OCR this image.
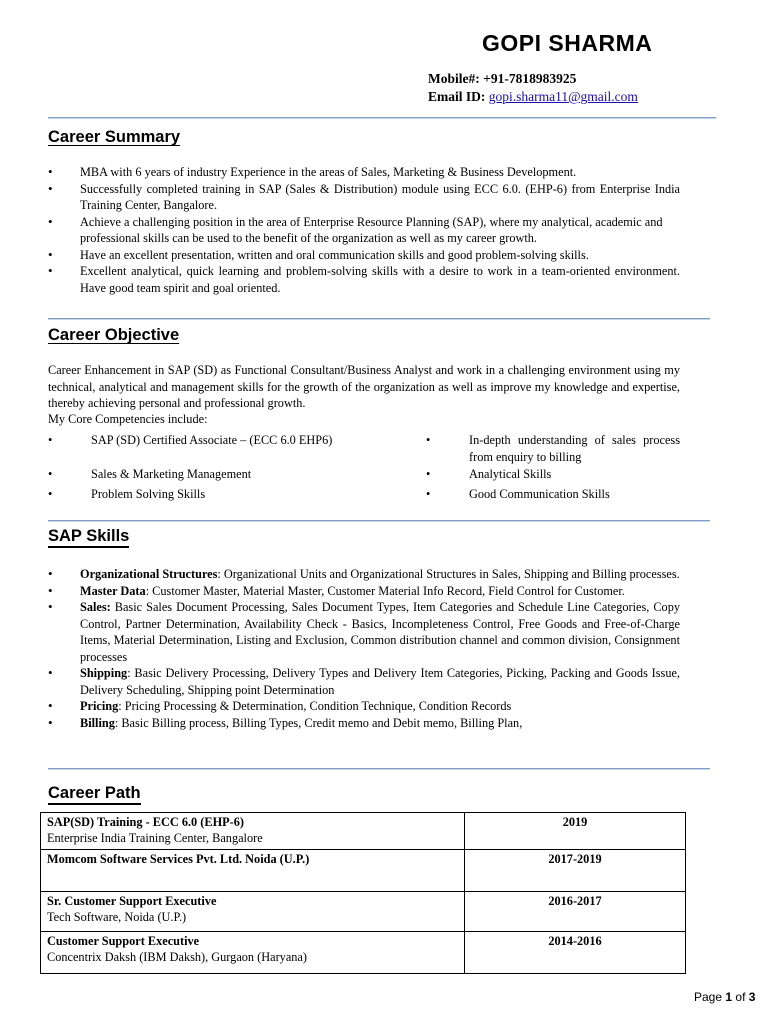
GOPI SHARMA
Mobile#: +91-7818983925
Email ID: gopi.sharma11@gmail.com
Career Summary
• MBA with 6 years of industry Experience in the areas of Sales, Marketing & Business Development.
• Successfully completed training in SAP (Sales & Distribution) module using ECC 6.0. (EHP-6) from Enterprise India Training Center, Bangalore.
• Achieve a challenging position in the area of Enterprise Resource Planning (SAP), where my analytical, academic and
professional skills can be used to the benefit of the organization as well as my career growth.
• Have an excellent presentation, written and oral communication skills and good problem-solving skills.
• Excellent analytical, quick learning and problem-solving skills with a desire to work in a team-oriented environment. Have good team spirit and goal oriented.
Career Objective
Career Enhancement in SAP (SD) as Functional Consultant/Business Analyst and work in a challenging environment using my technical, analytical and management skills for the growth of the organization as well as improve my knowledge and expertise, thereby achieving personal and professional growth.
My Core Competencies include:
•	SAP (SD) Certified Associate – (ECC 6.0 EHP6)
•	Sales & Marketing Management
•	Problem Solving Skills
•	In-depth understanding of sales process from enquiry to billing
•	Analytical Skills
•	Good Communication Skills
SAP Skills
• Organizational Structures: Organizational Units and Organizational Structures in Sales, Shipping and Billing processes.
• Master Data: Customer Master, Material Master, Customer Material Info Record, Field Control for Customer.
• Sales: Basic Sales Document Processing, Sales Document Types, Item Categories and Schedule Line Categories, Copy Control, Partner Determination, Availability Check - Basics, Incompleteness Control, Free Goods and Free-of-Charge Items, Material Determination, Listing and Exclusion, Common distribution channel and common division, Consignment processes
• Shipping: Basic Delivery Processing, Delivery Types and Delivery Item Categories, Picking, Packing and Goods Issue, Delivery Scheduling, Shipping point Determination
• Pricing: Pricing Processing & Determination, Condition Technique, Condition Records
• Billing: Basic Billing process, Billing Types, Credit memo and Debit memo, Billing Plan,
Career Path
SAP(SD) Training - ECC 6.0 (EHP-6)
Enterprise India Training Center, Bangalore	2019

Momcom Software Services Pvt. Ltd. Noida (U.P.)	2017-2019

Sr. Customer Support Executive
Tech Software, Noida (U.P.)	2016-2017

Customer Support Executive
Concentrix Daksh (IBM Daksh), Gurgaon (Haryana)	2014-2016
Page 1 of 3
